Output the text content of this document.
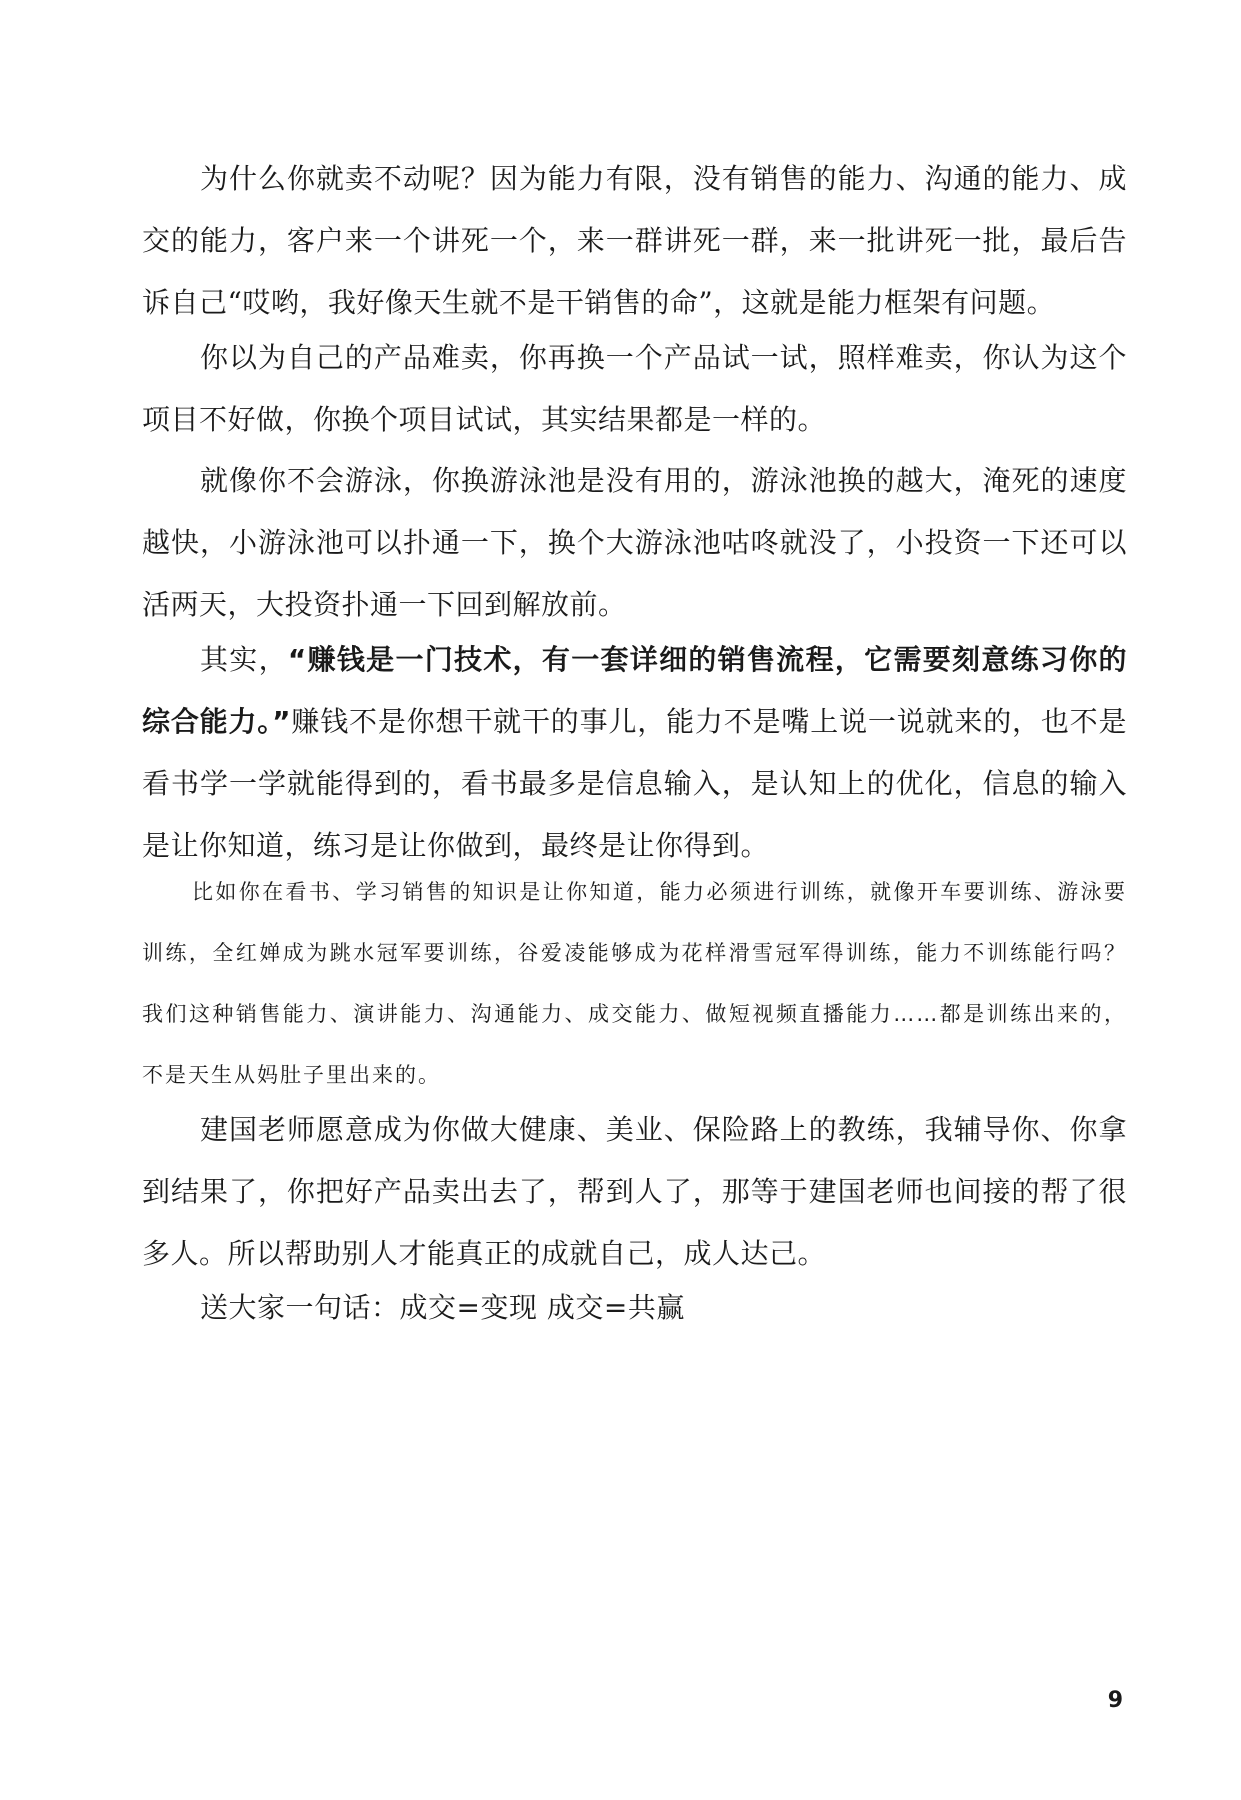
为什么你就卖不动呢？因为能力有限，没有销售的能力、沟通的能力、成交的能力，客户来一个讲死一个，来一群讲死一群，来一批讲死一批，最后告诉自己“哎哟，我好像天生就不是干销售的命”，这就是能力框架有问题。

你以为自己的产品难卖，你再换一个产品试一试，照样难卖，你认为这个项目不好做，你换个项目试试，其实结果都是一样的。

就像你不会游泳，你换游泳池是没有用的，游泳池换的越大，淹死的速度越快，小游泳池可以扑通一下，换个大游泳池咕咚就没了，小投资一下还可以活两天，大投资扑通一下回到解放前。

其实，“赚钱是一门技术，有一套详细的销售流程，它需要刻意练习你的综合能力。”赚钱不是你想干就干的事儿，能力不是嘴上说一说就来的，也不是看书学一学就能得到的，看书最多是信息输入，是认知上的优化，信息的输入是让你知道，练习是让你做到，最终是让你得到。

比如你在看书、学习销售的知识是让你知道，能力必须进行训练，就像开车要训练、游泳要训练，全红婵成为跳水冠军要训练，谷爱凌能够成为花样滑雪冠军得训练，能力不训练能行吗？我们这种销售能力、演讲能力、沟通能力、成交能力、做短视频直播能力……都是训练出来的，不是天生从妈肚子里出来的。

建国老师愿意成为你做大健康、美业、保险路上的教练，我辅导你、你拿到结果了，你把好产品卖出去了，帮到人了，那等于建国老师也间接的帮了很多人。所以帮助别人才能真正的成就自己，成人达己。

送大家一句话：成交=变现 成交=共赢

9
